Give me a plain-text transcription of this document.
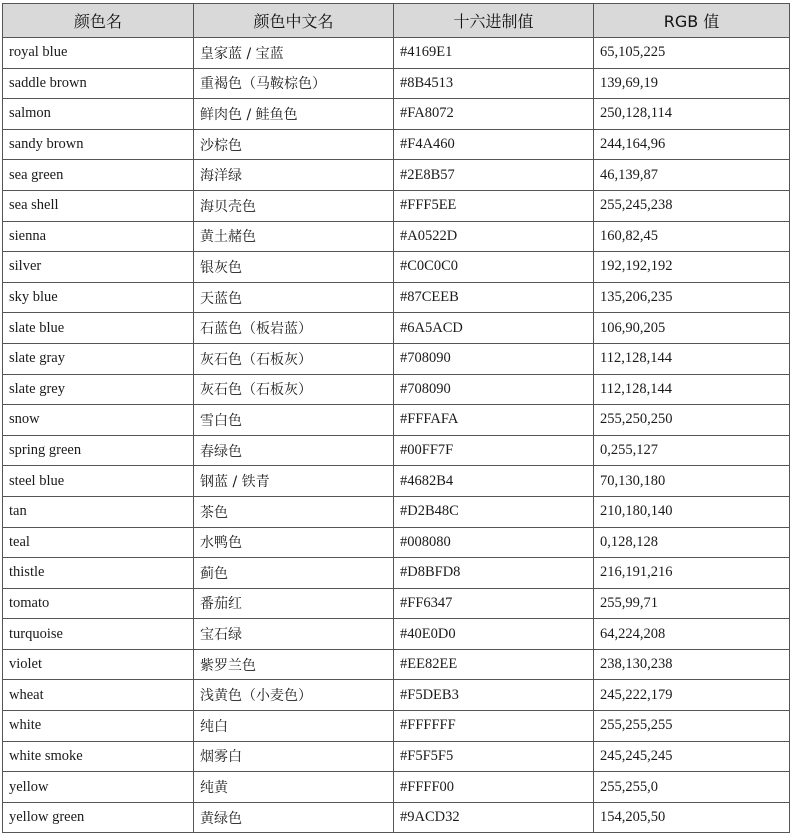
颜色名	颜色中文名	十六进制值	RGB 值
royal blue	皇家蓝 / 宝蓝	#4169E1	65,105,225
saddle brown	重褐色（马鞍棕色）	#8B4513	139,69,19
salmon	鲜肉色 / 鲑鱼色	#FA8072	250,128,114
sandy brown	沙棕色	#F4A460	244,164,96
sea green	海洋绿	#2E8B57	46,139,87
sea shell	海贝壳色	#FFF5EE	255,245,238
sienna	黄土赭色	#A0522D	160,82,45
silver	银灰色	#C0C0C0	192,192,192
sky blue	天蓝色	#87CEEB	135,206,235
slate blue	石蓝色（板岩蓝）	#6A5ACD	106,90,205
slate gray	灰石色（石板灰）	#708090	112,128,144
slate grey	灰石色（石板灰）	#708090	112,128,144
snow	雪白色	#FFFAFA	255,250,250
spring green	春绿色	#00FF7F	0,255,127
steel blue	钢蓝 / 铁青	#4682B4	70,130,180
tan	茶色	#D2B48C	210,180,140
teal	水鸭色	#008080	0,128,128
thistle	蓟色	#D8BFD8	216,191,216
tomato	番茄红	#FF6347	255,99,71
turquoise	宝石绿	#40E0D0	64,224,208
violet	紫罗兰色	#EE82EE	238,130,238
wheat	浅黄色（小麦色）	#F5DEB3	245,222,179
white	纯白	#FFFFFF	255,255,255
white smoke	烟雾白	#F5F5F5	245,245,245
yellow	纯黄	#FFFF00	255,255,0
yellow green	黄绿色	#9ACD32	154,205,50
